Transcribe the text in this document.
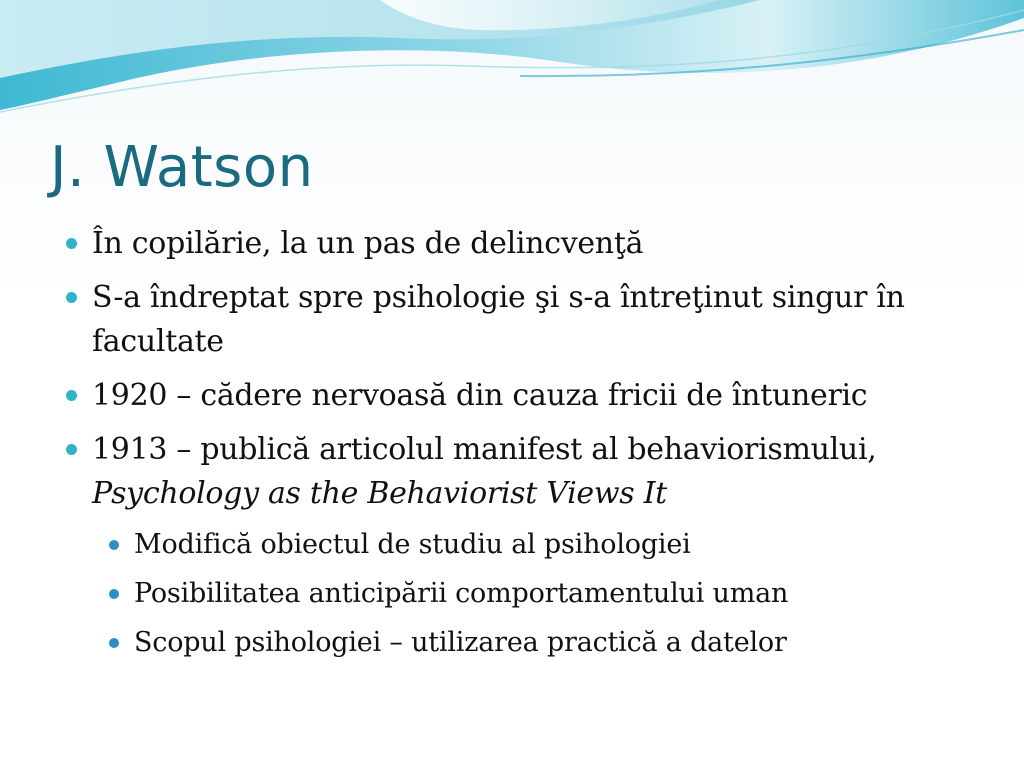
J. Watson
În copilărie, la un pas de delincvenţă
S-a îndreptat spre psihologie şi s-a întreţinut singur în
facultate
1920 – cădere nervoasă din cauza fricii de întuneric
1913 – publică articolul manifest al behaviorismului,
Psychology as the Behaviorist Views It
Modifică obiectul de studiu al psihologiei
Posibilitatea anticipării comportamentului uman
Scopul psihologiei – utilizarea practică a datelor
